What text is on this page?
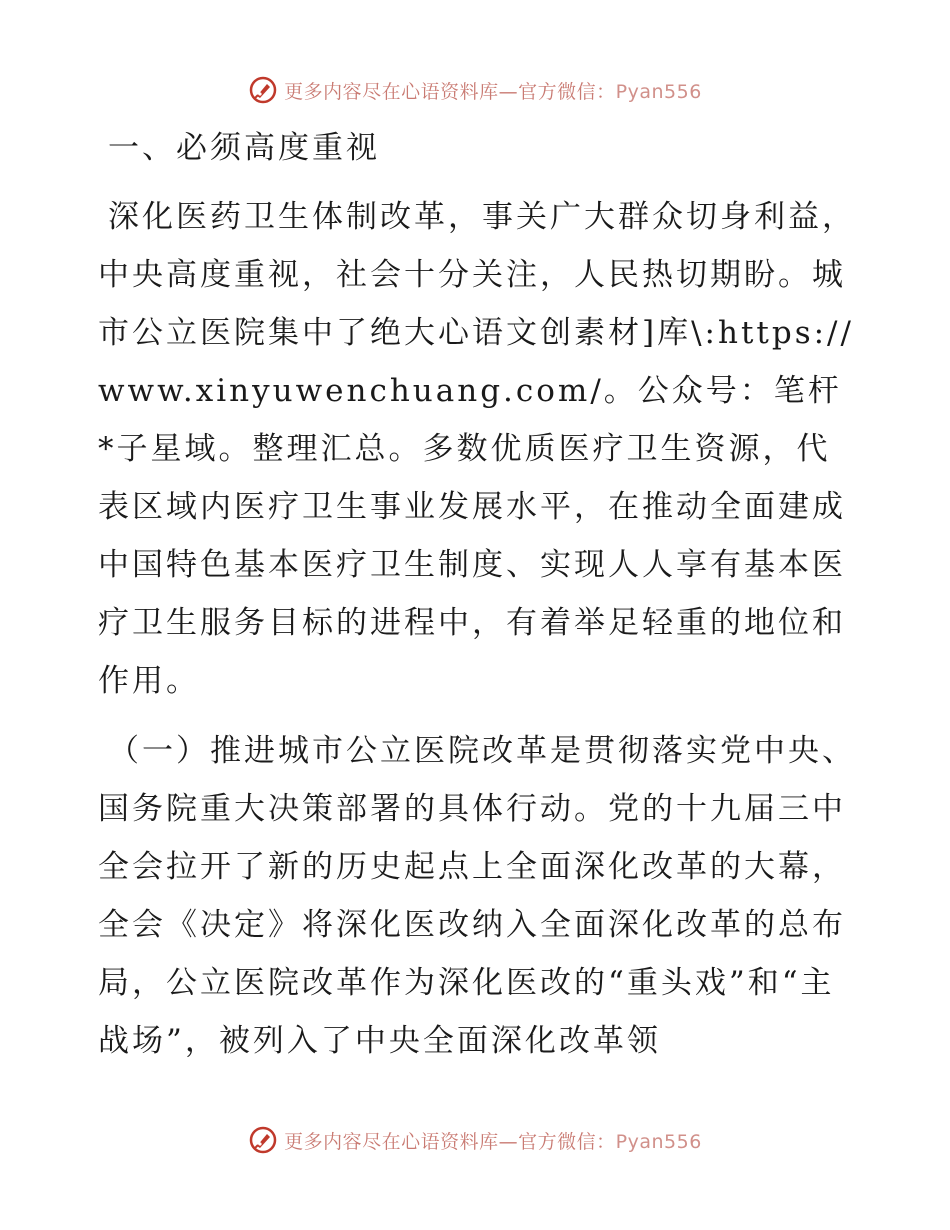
更多内容尽在心语资料库—官方微信：Pyan556
一、必须高度重视

深化医药卫生体制改革，事关广大群众切身利益，中央高度重视，社会十分关注，人民热切期盼。城市公立医院集中了绝大心语文创素材]库\:https://www.xinyuwenchuang.com/。公众号：笔杆*子星域。整理汇总。多数优质医疗卫生资源，代表区域内医疗卫生事业发展水平，在推动全面建成中国特色基本医疗卫生制度、实现人人享有基本医疗卫生服务目标的进程中，有着举足轻重的地位和作用。

（一）推进城市公立医院改革是贯彻落实党中央、国务院重大决策部署的具体行动。党的十九届三中全会拉开了新的历史起点上全面深化改革的大幕，全会《决定》将深化医改纳入全面深化改革的总布局，公立医院改革作为深化医改的“重头戏”和“主战场”，被列入了中央全面深化改革领

更多内容尽在心语资料库—官方微信：Pyan556
